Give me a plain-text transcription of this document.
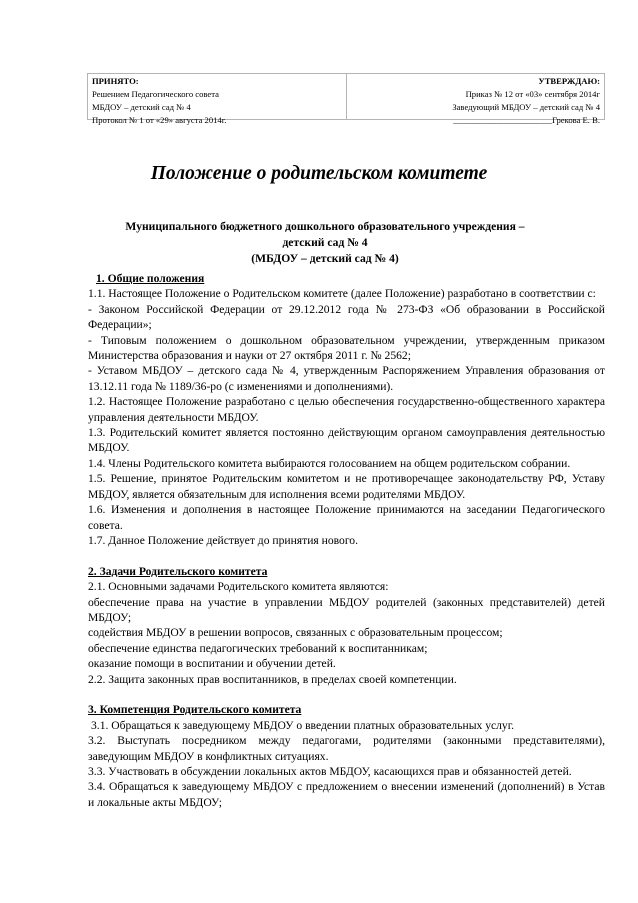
ПРИНЯТО:
Решением Педагогического совета
МБДОУ – детский сад № 4
Протокол № 1 от «29» августа 2014г.
УТВЕРЖДАЮ:
Приказ № 12 от «03» сентября 2014г
Заведующий МБДОУ – детский сад № 4
_______________________Грекова Е. В.
Положение о родительском комитете
Муниципального бюджетного дошкольного образовательного учреждения –
детский сад № 4
(МБДОУ – детский сад № 4)

1. Общие положения

1.1. Настоящее Положение о Родительском комитете (далее Положение) разработано в соответствии с:

- Законом Российской Федерации от 29.12.2012 года № 273-ФЗ «Об образовании в Российской Федерации»;

- Типовым положением о дошкольном образовательном учреждении, утвержденным приказом Министерства образования и науки от 27 октября 2011 г. № 2562;

- Уставом МБДОУ – детского сада № 4, утвержденным Распоряжением Управления образования от 13.12.11 года № 1189/36-ро (с изменениями и дополнениями).

1.2. Настоящее Положение разработано с целью обеспечения государственно-общественного характера управления деятельности МБДОУ.

1.3. Родительский комитет является постоянно действующим органом самоуправления деятельностью МБДОУ.

1.4. Члены Родительского комитета выбираются голосованием на общем родительском собрании.

1.5. Решение, принятое Родительским комитетом и не противоречащее законодательству РФ, Уставу МБДОУ, является обязательным для исполнения всеми родителями МБДОУ.

1.6. Изменения и дополнения в настоящее Положение принимаются на заседании Педагогического совета.

1.7. Данное Положение действует до принятия нового.

2. Задачи Родительского комитета

2.1. Основными задачами Родительского комитета являются:

обеспечение права на участие в управлении МБДОУ родителей (законных представителей) детей МБДОУ;

содействия МБДОУ в решении вопросов, связанных с образовательным процессом;

обеспечение единства педагогических требований к воспитанникам;

оказание помощи в воспитании и обучении детей.

2.2. Защита законных прав воспитанников, в пределах своей компетенции.

3. Компетенция Родительского комитета

3.1. Обращаться к заведующему МБДОУ о введении платных образовательных услуг.

3.2. Выступать посредником между педагогами, родителями (законными представителями), заведующим МБДОУ в конфликтных ситуациях.

3.3. Участвовать в обсуждении локальных актов МБДОУ, касающихся прав и обязанностей детей.

3.4. Обращаться к заведующему МБДОУ с предложением о внесении изменений (дополнений) в Устав и локальные акты МБДОУ;
